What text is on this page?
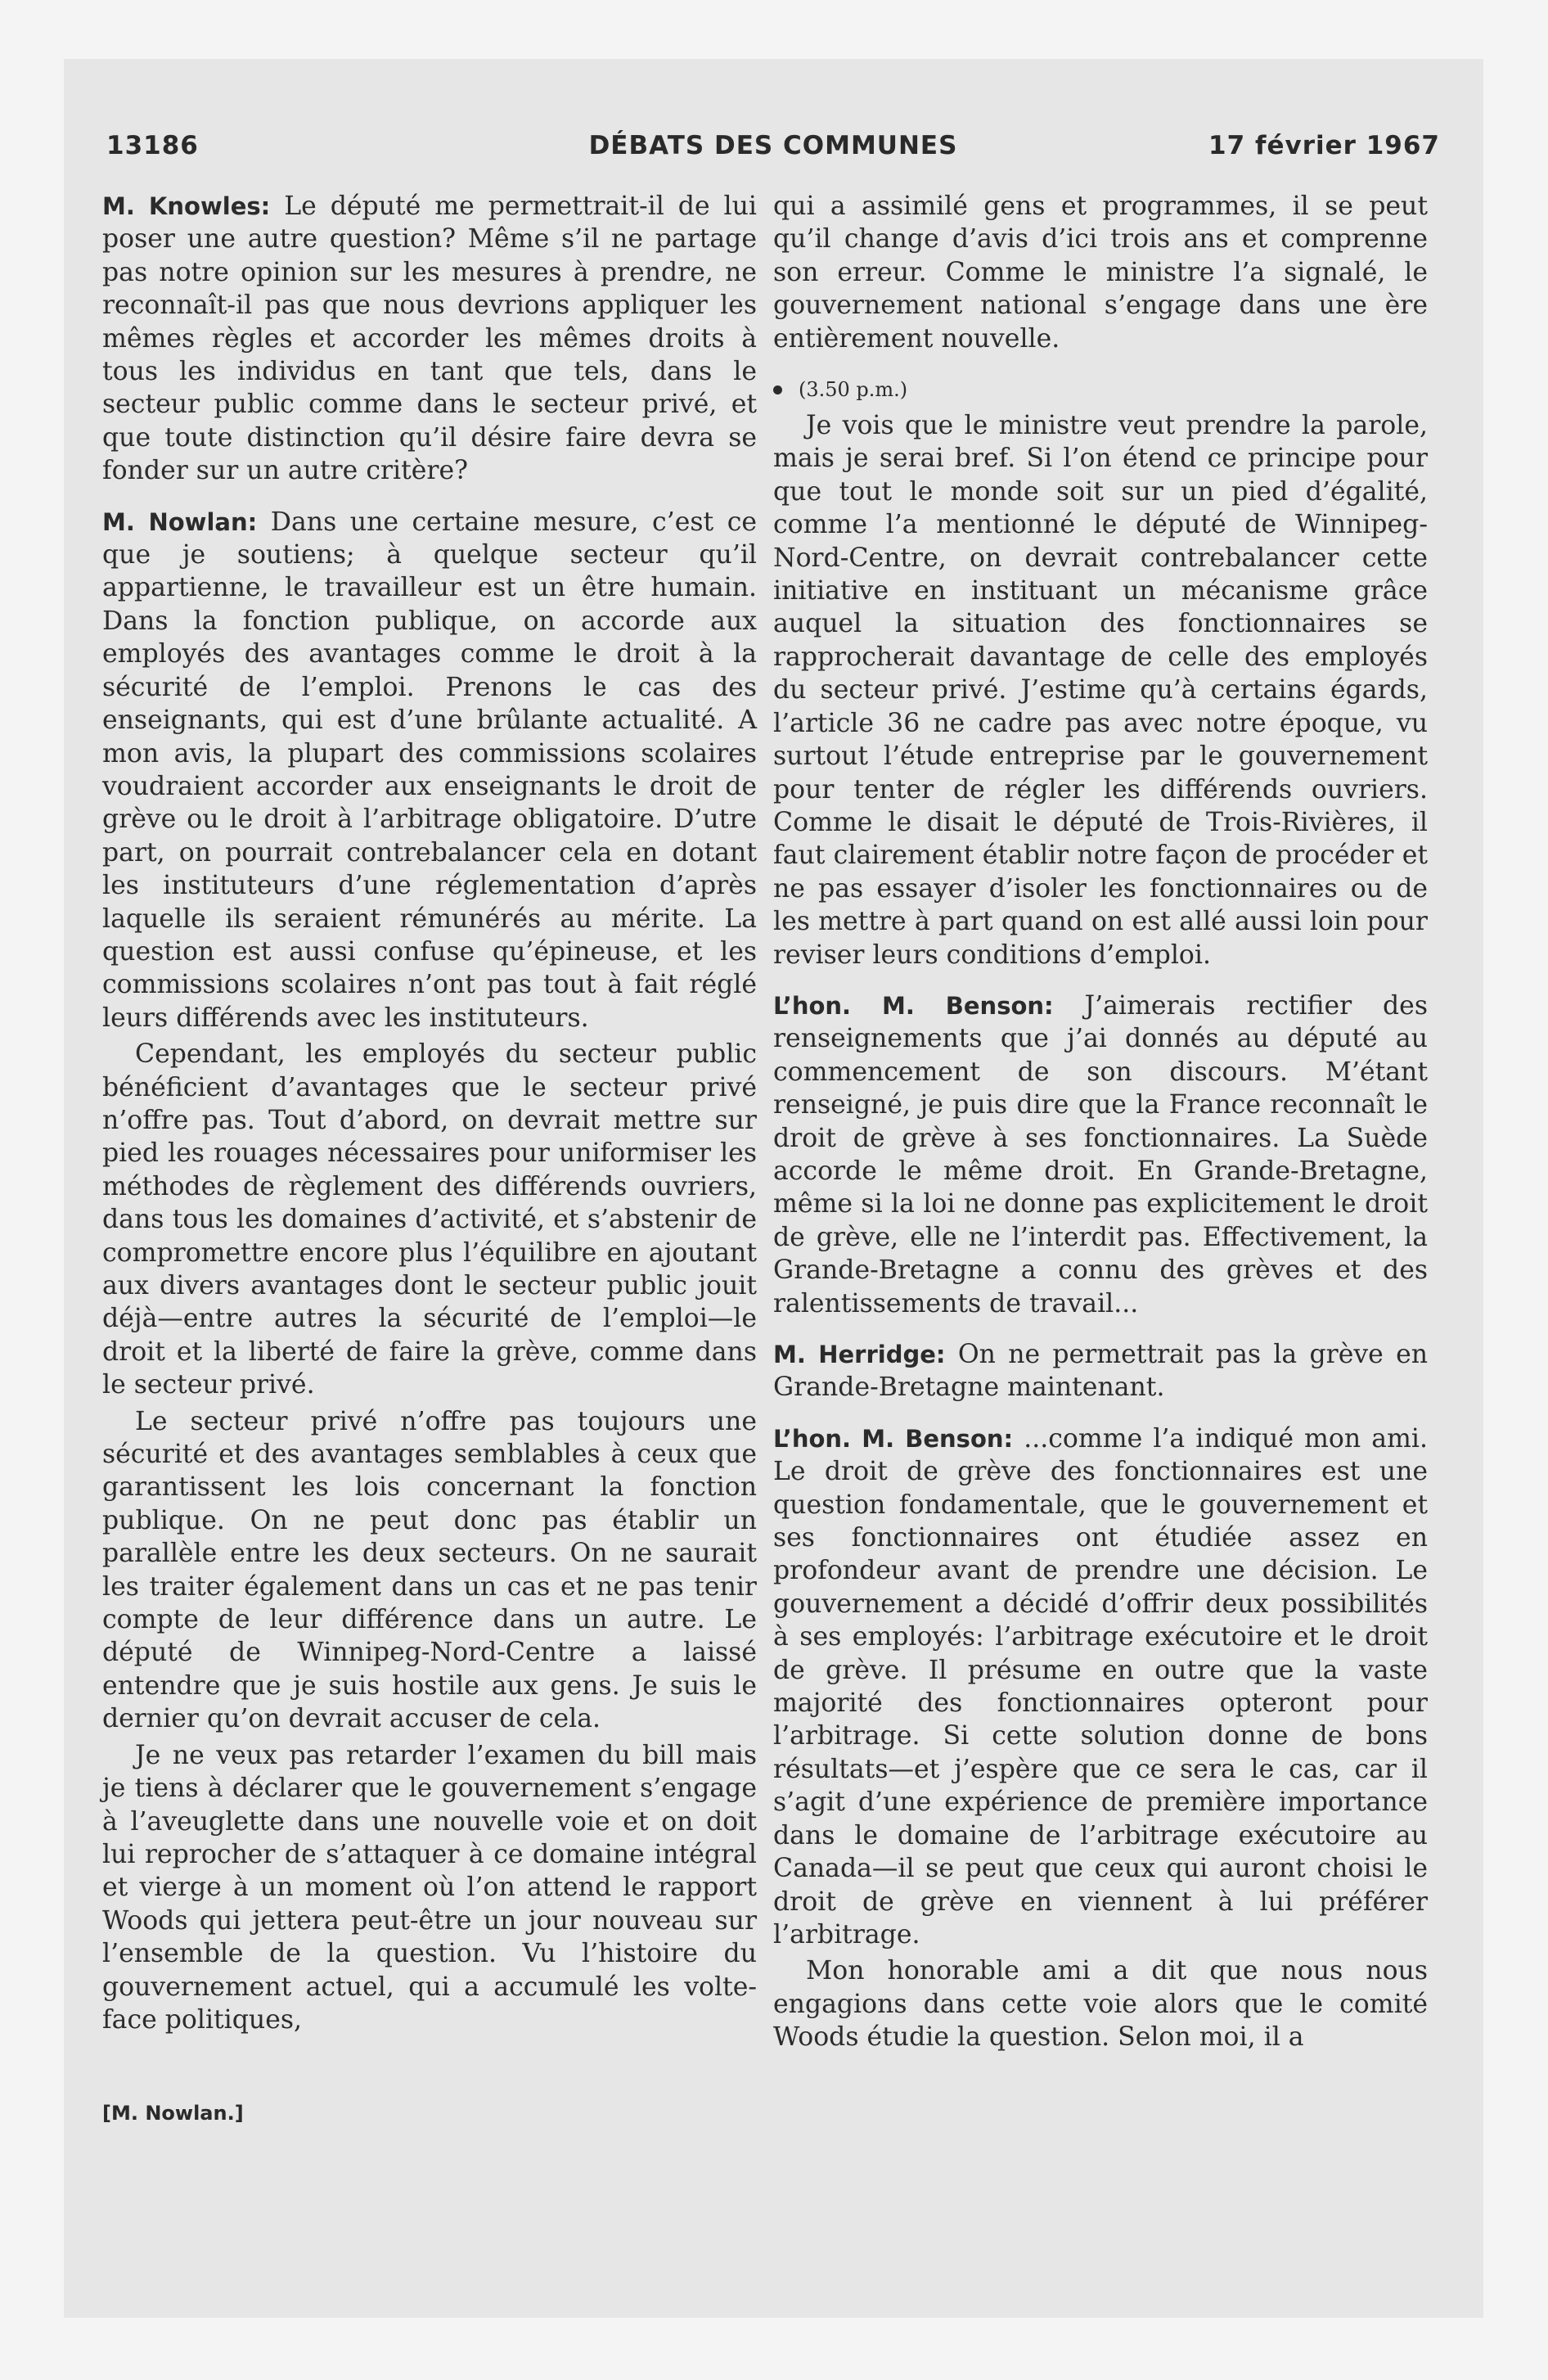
13186	DÉBATS DES COMMUNES	17 février 1967

M. Knowles: Le député me permettrait-il de lui poser une autre question? Même s’il ne partage pas notre opinion sur les mesures à prendre, ne reconnaît-il pas que nous devrions appliquer les mêmes règles et accorder les mêmes droits à tous les individus en tant que tels, dans le secteur public comme dans le secteur privé, et que toute distinction qu’il désire faire devra se fonder sur un autre critère?

M. Nowlan: Dans une certaine mesure, c’est ce que je soutiens; à quelque secteur qu’il appartienne, le travailleur est un être humain. Dans la fonction publique, on accorde aux employés des avantages comme le droit à la sécurité de l’emploi. Prenons le cas des enseignants, qui est d’une brûlante actualité. A mon avis, la plupart des commissions scolaires voudraient accorder aux enseignants le droit de grève ou le droit à l’arbitrage obligatoire. D’utre part, on pourrait contrebalancer cela en dotant les instituteurs d’une réglementation d’après laquelle ils seraient rémunérés au mérite. La question est aussi confuse qu’épineuse, et les commissions scolaires n’ont pas tout à fait réglé leurs différends avec les instituteurs.

Cependant, les employés du secteur public bénéficient d’avantages que le secteur privé n’offre pas. Tout d’abord, on devrait mettre sur pied les rouages nécessaires pour uniformiser les méthodes de règlement des différends ouvriers, dans tous les domaines d’activité, et s’abstenir de compromettre encore plus l’équilibre en ajoutant aux divers avantages dont le secteur public jouit déjà—entre autres la sécurité de l’emploi—le droit et la liberté de faire la grève, comme dans le secteur privé.

Le secteur privé n’offre pas toujours une sécurité et des avantages semblables à ceux que garantissent les lois concernant la fonction publique. On ne peut donc pas établir un parallèle entre les deux secteurs. On ne saurait les traiter également dans un cas et ne pas tenir compte de leur différence dans un autre. Le député de Winnipeg-Nord-Centre a laissé entendre que je suis hostile aux gens. Je suis le dernier qu’on devrait accuser de cela.

Je ne veux pas retarder l’examen du bill mais je tiens à déclarer que le gouvernement s’engage à l’aveuglette dans une nouvelle voie et on doit lui reprocher de s’attaquer à ce domaine intégral et vierge à un moment où l’on attend le rapport Woods qui jettera peut-être un jour nouveau sur l’ensemble de la question. Vu l’histoire du gouvernement actuel, qui a accumulé les volte-face politiques,

qui a assimilé gens et programmes, il se peut qu’il change d’avis d’ici trois ans et comprenne son erreur. Comme le ministre l’a signalé, le gouvernement national s’engage dans une ère entièrement nouvelle.

(3.50 p.m.)

Je vois que le ministre veut prendre la parole, mais je serai bref. Si l’on étend ce principe pour que tout le monde soit sur un pied d’égalité, comme l’a mentionné le député de Winnipeg-Nord-Centre, on devrait contrebalancer cette initiative en instituant un mécanisme grâce auquel la situation des fonctionnaires se rapprocherait davantage de celle des employés du secteur privé. J’estime qu’à certains égards, l’article 36 ne cadre pas avec notre époque, vu surtout l’étude entreprise par le gouvernement pour tenter de régler les différends ouvriers. Comme le disait le député de Trois-Rivières, il faut clairement établir notre façon de procéder et ne pas essayer d’isoler les fonctionnaires ou de les mettre à part quand on est allé aussi loin pour reviser leurs conditions d’emploi.

L’hon. M. Benson: J’aimerais rectifier des renseignements que j’ai donnés au député au commencement de son discours. M’étant renseigné, je puis dire que la France reconnaît le droit de grève à ses fonctionnaires. La Suède accorde le même droit. En Grande-Bretagne, même si la loi ne donne pas explicitement le droit de grève, elle ne l’interdit pas. Effectivement, la Grande-Bretagne a connu des grèves et des ralentissements de travail...

M. Herridge: On ne permettrait pas la grève en Grande-Bretagne maintenant.

L’hon. M. Benson: ...comme l’a indiqué mon ami. Le droit de grève des fonctionnaires est une question fondamentale, que le gouvernement et ses fonctionnaires ont étudiée assez en profondeur avant de prendre une décision. Le gouvernement a décidé d’offrir deux possibilités à ses employés: l’arbitrage exécutoire et le droit de grève. Il présume en outre que la vaste majorité des fonctionnaires opteront pour l’arbitrage. Si cette solution donne de bons résultats—et j’espère que ce sera le cas, car il s’agit d’une expérience de première importance dans le domaine de l’arbitrage exécutoire au Canada—il se peut que ceux qui auront choisi le droit de grève en viennent à lui préférer l’arbitrage.

Mon honorable ami a dit que nous nous engagions dans cette voie alors que le comité Woods étudie la question. Selon moi, il a

[M. Nowlan.]
